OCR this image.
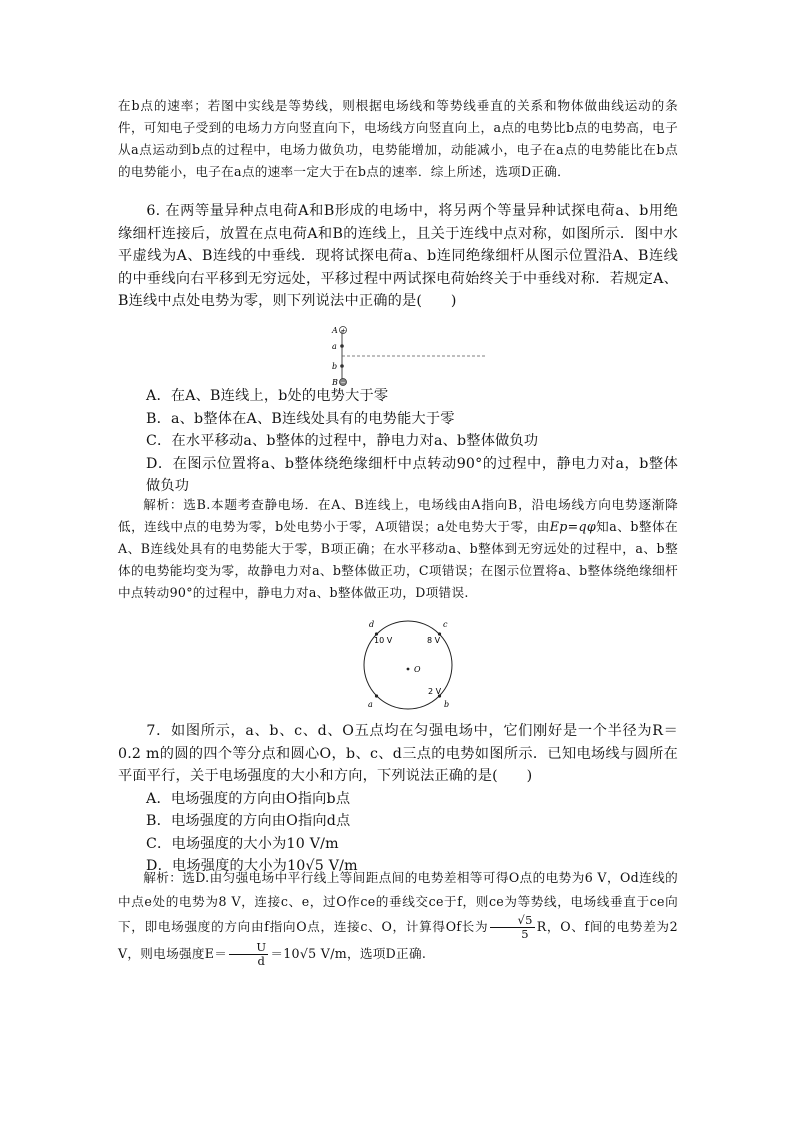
在b点的速率；若图中实线是等势线，则根据电场线和等势线垂直的关系和物体做曲线运动的条件，可知电子受到的电场力方向竖直向下，电场线方向竖直向上，a点的电势比b点的电势高，电子从a点运动到b点的过程中，电场力做负功，电势能增加，动能减小，电子在a点的电势能比在b点的电势能小，电子在a点的速率一定大于在b点的速率．综上所述，选项D正确．

6. 在两等量异种点电荷A和B形成的电场中，将另两个等量异种试探电荷a、b用绝缘细杆连接后，放置在点电荷A和B的连线上，且关于连线中点对称，如图所示．图中水平虚线为A、B连线的中垂线．现将试探电荷a、b连同绝缘细杆从图示位置沿A、B连线的中垂线向右平移到无穷远处，平移过程中两试探电荷始终关于中垂线对称．若规定A、B连线中点处电势为零，则下列说法中正确的是(　　)

+
A
a
b
−
B

A．在A、B连线上，b处的电势大于零

B．a、b整体在A、B连线处具有的电势能大于零

C．在水平移动a、b整体的过程中，静电力对a、b整体做负功

D．在图示位置将a、b整体绕绝缘细杆中点转动90°的过程中，静电力对a，b整体做负功

解析：选B.本题考查静电场．在A、B连线上，电场线由A指向B，沿电场线方向电势逐渐降低，连线中点的电势为零，b处电势小于零，A项错误；a处电势大于零，由Ep=qφ知a、b整体在A、B连线处具有的电势能大于零，B项正确；在水平移动a、b整体到无穷远处的过程中，a、b整体的电势能均变为零，故静电力对a、b整体做正功，C项错误；在图示位置将a、b整体绕绝缘细杆中点转动90°的过程中，静电力对a、b整体做正功，D项错误.

d
10 V
c
8 V
O
a	b
2 V

7．如图所示，a、b、c、d、O五点均在匀强电场中，它们刚好是一个半径为R＝0.2 m的圆的四个等分点和圆心O，b、c、d三点的电势如图所示．已知电场线与圆所在平面平行，关于电场强度的大小和方向，下列说法正确的是(　　)

A．电场强度的方向由O指向b点

B．电场强度的方向由O指向d点

C．电场强度的大小为10 V/m

D．电场强度的大小为10√5 V/m

解析：选D.由匀强电场中平行线上等间距点间的电势差相等可得O点的电势为6 V，Od连线的中点e处的电势为8 V，连接c、e，过O作ce的垂线交ce于f，则ce为等势线，电场线垂直于ce向下，即电场强度的方向由f指向O点，连接c、O，计算得Of长为 $\frac{√5}{5}$ R，O、f间的电势差为2 V，则电场强度$E= \frac{U}{d} =10√5$ V/m，选项D正确.
